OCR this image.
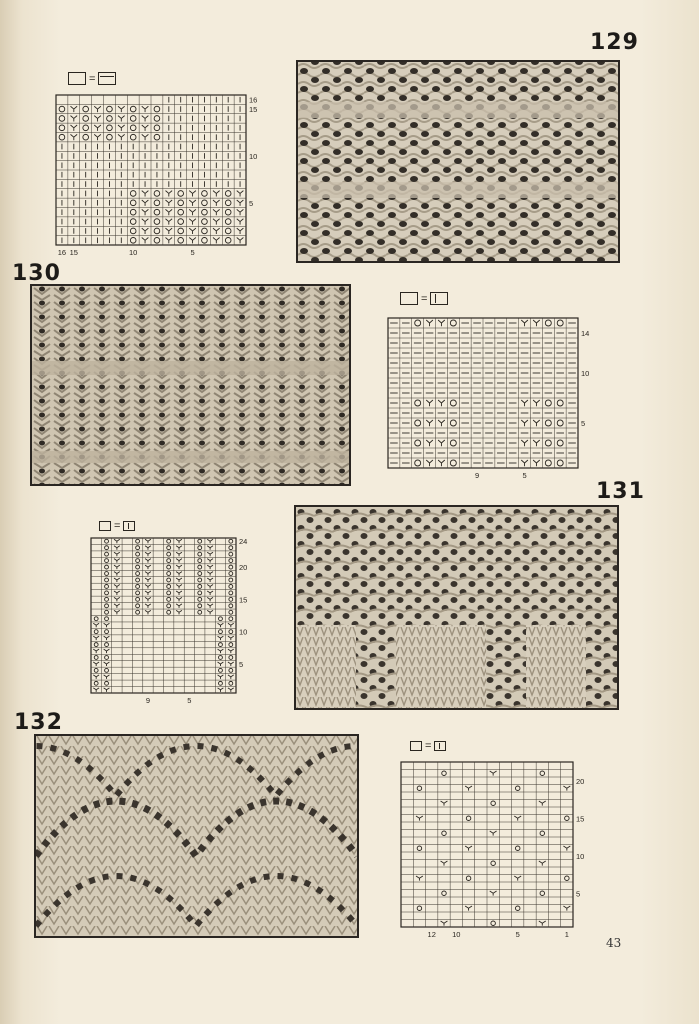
129
130
131
132
43
=
=
=
=
16
15
10
5
16 15	10	5
14
10
5
9	5
24
20
15
10
5
9	5
20
15
10
5
12 10	5	1
